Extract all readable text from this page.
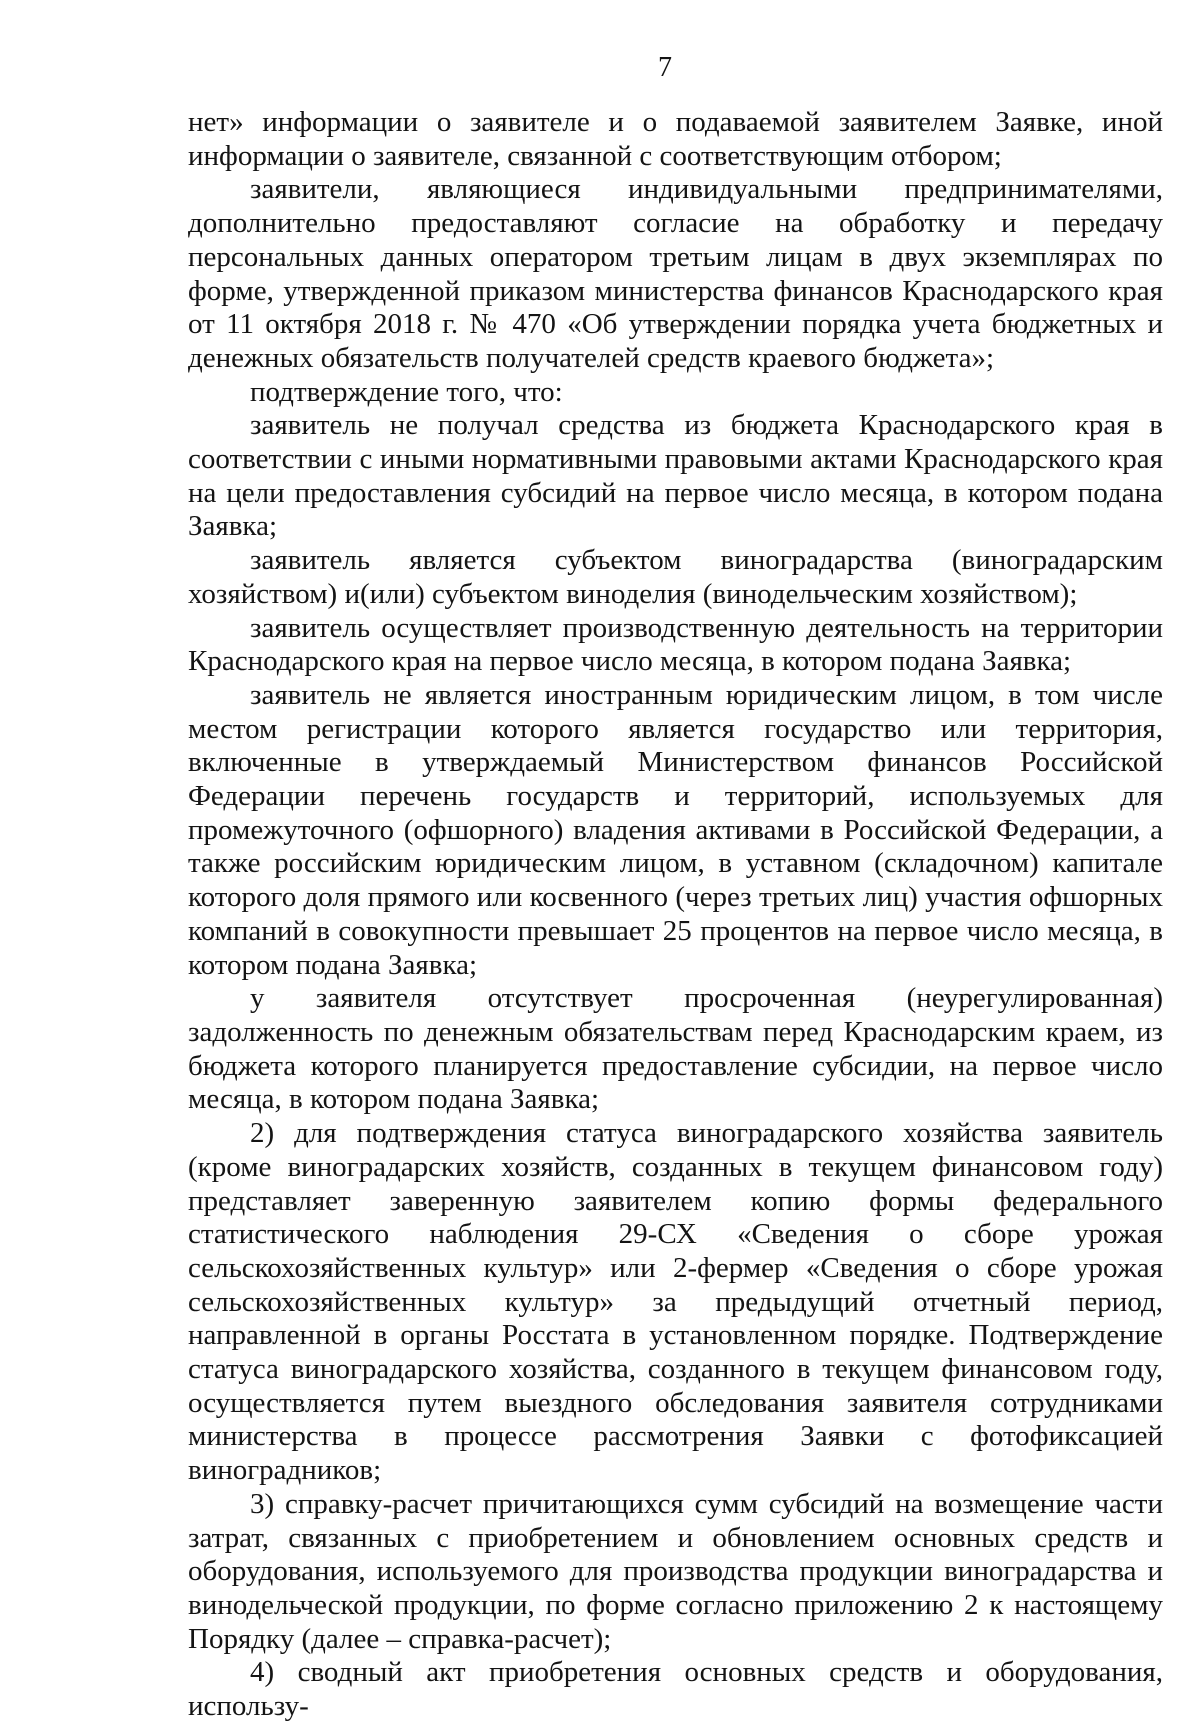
7

нет» информации о заявителе и о подаваемой заявителем Заявке, иной информации о заявителе, связанной с соответствующим отбором;

заявители, являющиеся индивидуальными предпринимателями, дополнительно предоставляют согласие на обработку и передачу персональных данных оператором третьим лицам в двух экземплярах по форме, утвержденной приказом министерства финансов Краснодарского края от 11 октября 2018 г. № 470 «Об утверждении порядка учета бюджетных и денежных обязательств получателей средств краевого бюджета»;

подтверждение того, что:

заявитель не получал средства из бюджета Краснодарского края в соответствии с иными нормативными правовыми актами Краснодарского края на цели предоставления субсидий на первое число месяца, в котором подана Заявка;

заявитель является субъектом виноградарства (виноградарским хозяйством) и(или) субъектом виноделия (винодельческим хозяйством);

заявитель осуществляет производственную деятельность на территории Краснодарского края на первое число месяца, в котором подана Заявка;

заявитель не является иностранным юридическим лицом, в том числе местом регистрации которого является государство или территория, включенные в утверждаемый Министерством финансов Российской Федерации перечень государств и территорий, используемых для промежуточного (офшорного) владения активами в Российской Федерации, а также российским юридическим лицом, в уставном (складочном) капитале которого доля прямого или косвенного (через третьих лиц) участия офшорных компаний в совокупности превышает 25 процентов на первое число месяца, в котором подана Заявка;

у заявителя отсутствует просроченная (неурегулированная) задолженность по денежным обязательствам перед Краснодарским краем, из бюджета которого планируется предоставление субсидии, на первое число месяца, в котором подана Заявка;

2) для подтверждения статуса виноградарского хозяйства заявитель (кроме виноградарских хозяйств, созданных в текущем финансовом году) представляет заверенную заявителем копию формы федерального статистического наблюдения 29-СХ «Сведения о сборе урожая сельскохозяйственных культур» или 2-фермер «Сведения о сборе урожая сельскохозяйственных культур» за предыдущий отчетный период, направленной в органы Росстата в установленном порядке. Подтверждение статуса виноградарского хозяйства, созданного в текущем финансовом году, осуществляется путем выездного обследования заявителя сотрудниками министерства в процессе рассмотрения Заявки с фотофиксацией виноградников;

3) справку-расчет причитающихся сумм субсидий на возмещение части затрат, связанных с приобретением и обновлением основных средств и оборудования, используемого для производства продукции виноградарства и винодельческой продукции, по форме согласно приложению 2 к настоящему Порядку (далее – справка-расчет);

4) сводный акт приобретения основных средств и оборудования, использу-
